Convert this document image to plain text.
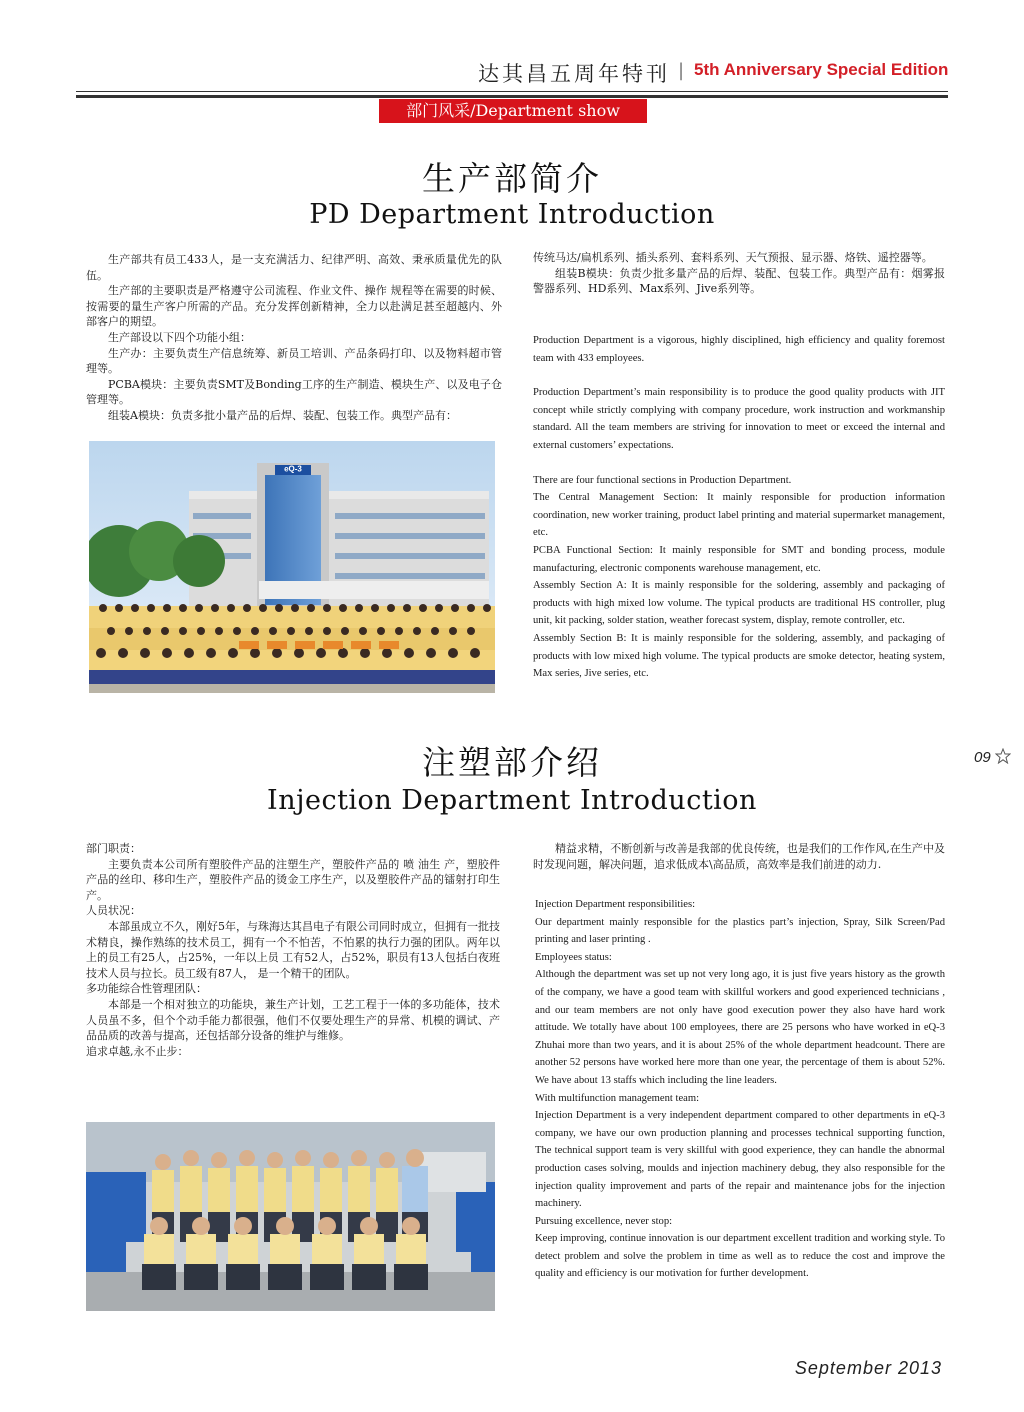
达其昌五周年特刊 | 5th Anniversary Special Edition
部门风采/Department show
生产部简介
PD Department Introduction

生产部共有员工433人，是一支充满活力、纪律严明、高效、秉承质量优先的队伍。

生产部的主要职责是严格遵守公司流程、作业文件、操作 规程等在需要的时候、按需要的量生产客户所需的产品。充分发挥创新精神，全力以赴满足甚至超越内、外部客户的期望。

生产部设以下四个功能小组：

生产办：主要负责生产信息统筹、新员工培训、产品条码打印、以及物料超市管理等。

PCBA模块：主要负责SMT及Bonding工序的生产制造、模块生产、以及电子仓管理等。

组装A模块：负责多批小量产品的后焊、装配、包装工作。典型产品有：

传统马达/扁机系列、插头系列、套料系列、天气预报、显示器、烙铁、遥控器等。

组装B模块：负责少批多量产品的后焊、装配、包装工作。典型产品有：烟雾报警器系列、HD系列、Max系列、Jive系列等。

Production Department is a vigorous, highly disciplined, high efficiency and quality foremost team with 433 employees.

Production Department’s main responsibility is to produce the good quality products with JIT concept while strictly complying with company procedure, work instruction and workmanship standard. All the team members are striving for innovation to meet or exceed the internal and external customers’ expectations.

There are four functional sections in Production Department.

The Central Management Section: It mainly responsible for production information coordination, new worker training, product label printing and material supermarket management, etc.

PCBA Functional Section: It mainly responsible for SMT and bonding process, module manufacturing, electronic components warehouse management, etc.

Assembly Section A: It is mainly responsible for the soldering, assembly and packaging of products with high mixed low volume. The typical products are traditional HS controller, plug unit, kit packing, solder station, weather forecast system, display, remote controller, etc.

Assembly Section B: It is mainly responsible for the soldering, assembly, and packaging of products with low mixed high volume. The typical products are smoke detector, heating system, Max series, Jive series, etc.

eQ-3
09
注塑部介绍
Injection Department Introduction

部门职责：

主要负责本公司所有塑胶件产品的注塑生产，塑胶件产品的 喷 油生 产，塑胶件产品的丝印、移印生产，塑胶件产品的烫金工序生产，以及塑胶件产品的镭射打印生产。

人员状况：

本部虽成立不久，刚好5年，与珠海达其昌电子有限公司同时成立，但拥有一批技术精良，操作熟练的技术员工，拥有一个不怕苦，不怕累的执行力强的团队。两年以上的员工有25人，占25%，一年以上员 工有52人，占52%，职员有13人包括白夜班技术人员与拉长。员工级有87人， 是一个精干的团队。

多功能综合性管理团队：

本部是一个相对独立的功能块，兼生产计划，工艺工程于一体的多功能体，技术人员虽不多，但个个动手能力都很强，他们不仅要处理生产的异常、机模的调试、产品品质的改善与提高，还包括部分设备的维护与维修。

追求卓越,永不止步：

精益求精，不断创新与改善是我部的优良传统，也是我们的工作作风,在生产中及时发现问题，解决问题，追求低成本\高品质，高效率是我们前进的动力.

Injection Department responsibilities:

Our department mainly responsible for the plastics part’s injection, Spray, Silk Screen/Pad printing and laser printing .

Employees status:

Although the department was set up not very long ago, it is just five years history as the growth of the company, we have a good team with skillful workers and good experienced technicians , and our team members are not only have good execution power they also have hard work attitude. We totally have about 100 employees, there are 25 persons who have worked in eQ-3 Zhuhai more than two years, and it is about 25% of the whole department headcount. There are another 52 persons have worked here more than one year, the percentage of them is about 52%. We have about 13 staffs which including the line leaders.

With multifunction management team:

Injection Department is a very independent department compared to other departments in eQ-3 company, we have our own production planning and processes technical supporting function, The technical support team is very skillful with good experience, they can handle the abnormal production cases solving, moulds and injection machinery debug, they also responsible for the injection quality improvement and parts of the repair and maintenance jobs for the injection machinery.

Pursuing excellence, never stop:

Keep improving, continue innovation is our department excellent tradition and working style. To detect problem and solve the problem in time as well as to reduce the cost and improve the quality and efficiency is our motivation for further development.

September 2013
